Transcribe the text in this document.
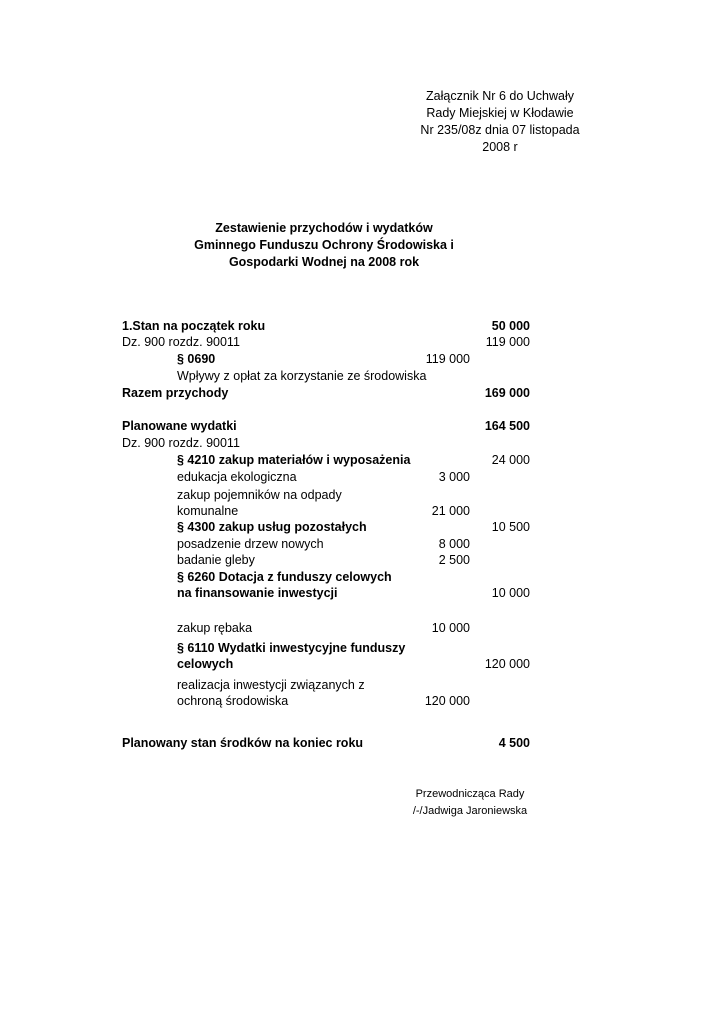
Załącznik Nr 6 do Uchwały
Rady Miejskiej w Kłodawie
Nr 235/08z dnia 07 listopada
2008 r
Zestawienie przychodów i wydatków
Gminnego Funduszu Ochrony Środowiska i
Gospodarki Wodnej na 2008 rok
1.Stan na początek roku	50 000
Dz. 900 rozdz. 90011	119 000
§ 0690	119 000
Wpływy z opłat za korzystanie ze środowiska
Razem przychody	169 000
Planowane wydatki	164 500
Dz. 900 rozdz. 90011
§ 4210 zakup materiałów i wyposażenia	24 000
edukacja ekologiczna	3 000
zakup pojemników na odpady
komunalne	21 000
§ 4300 zakup usług pozostałych	10 500
posadzenie drzew nowych	8 000
badanie gleby	2 500
§ 6260 Dotacja z funduszy celowych
na finansowanie inwestycji	10 000
zakup rębaka	10 000
§ 6110 Wydatki inwestycyjne funduszy
celowych	120 000
realizacja inwestycji związanych z
ochroną środowiska	120 000
Planowany stan środków na koniec roku	4 500
Przewodnicząca Rady
/-/Jadwiga Jaroniewska
